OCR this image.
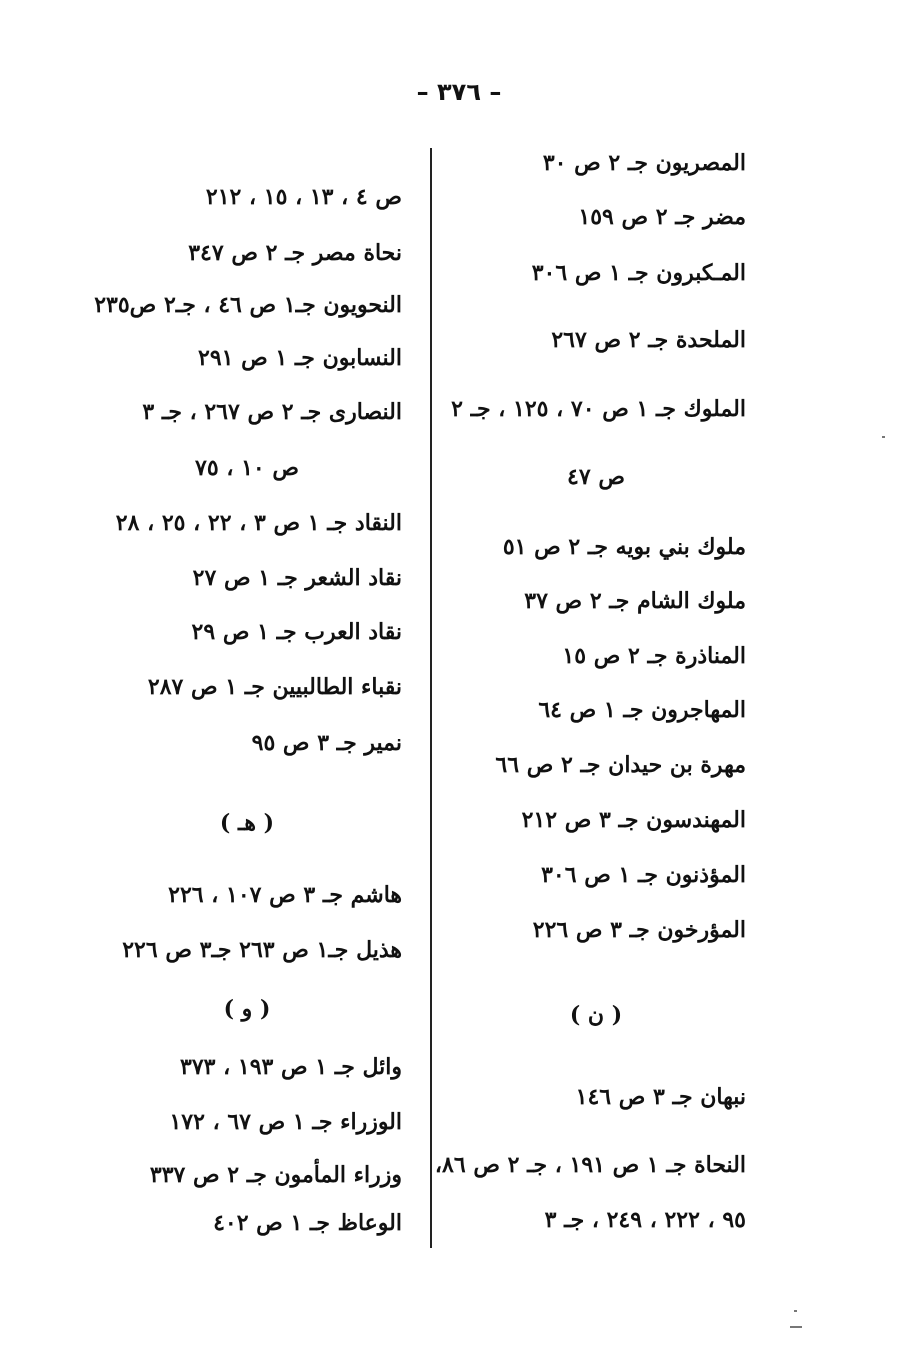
– ٣٧٦ –
المصريون جـ ٢ ص ٣٠
مضر جـ ٢ ص ١٥٩
المـكبرون جـ ١ ص ٣٠٦
الملحدة جـ ٢ ص ٢٦٧
الملوك جـ ١ ص ٧٠ ، ١٢٥ ، جـ ٢
ص ٤٧
ملوك بني بويه جـ ٢ ص ٥١
ملوك الشام جـ ٢ ص ٣٧
المناذرة جـ ٢ ص ١٥
المهاجرون جـ ١ ص ٦٤
مهرة بن حيدان جـ ٢ ص ٦٦
المهندسون جـ ٣ ص ٢١٢
المؤذنون جـ ١ ص ٣٠٦
المؤرخون جـ ٣ ص ٢٢٦
( ن )
نبهان جـ ٣ ص ١٤٦
النحاة جـ ١ ص ١٩١ ، جـ ٢ ص ٨٦،
٩٥ ، ٢٢٢ ، ٢٤٩ ، جـ ٣
ص ٤ ، ١٣ ، ١٥ ، ٢١٢
نحاة مصر جـ ٢ ص ٣٤٧
النحويون جـ١ ص ٤٦ ، جـ٢ ص٢٣٥
النسابون جـ ١ ص ٢٩١
النصارى جـ ٢ ص ٢٦٧ ، جـ ٣
ص ١٠ ، ٧٥
النقاد جـ ١ ص ٣ ، ٢٢ ، ٢٥ ، ٢٨
نقاد الشعر جـ ١ ص ٢٧
نقاد العرب جـ ١ ص ٢٩
نقباء الطالبيين جـ ١ ص ٢٨٧
نمير جـ ٣ ص ٩٥
( هـ )
هاشم جـ ٣ ص ١٠٧ ، ٢٢٦
هذيل جـ١ ص ٢٦٣ جـ٣ ص ٢٢٦
( و )
وائل جـ ١ ص ١٩٣ ، ٣٧٣
الوزراء جـ ١ ص ٦٧ ، ١٧٢
وزراء المأمون جـ ٢ ص ٣٣٧
الوعاظ جـ ١ ص ٤٠٢
